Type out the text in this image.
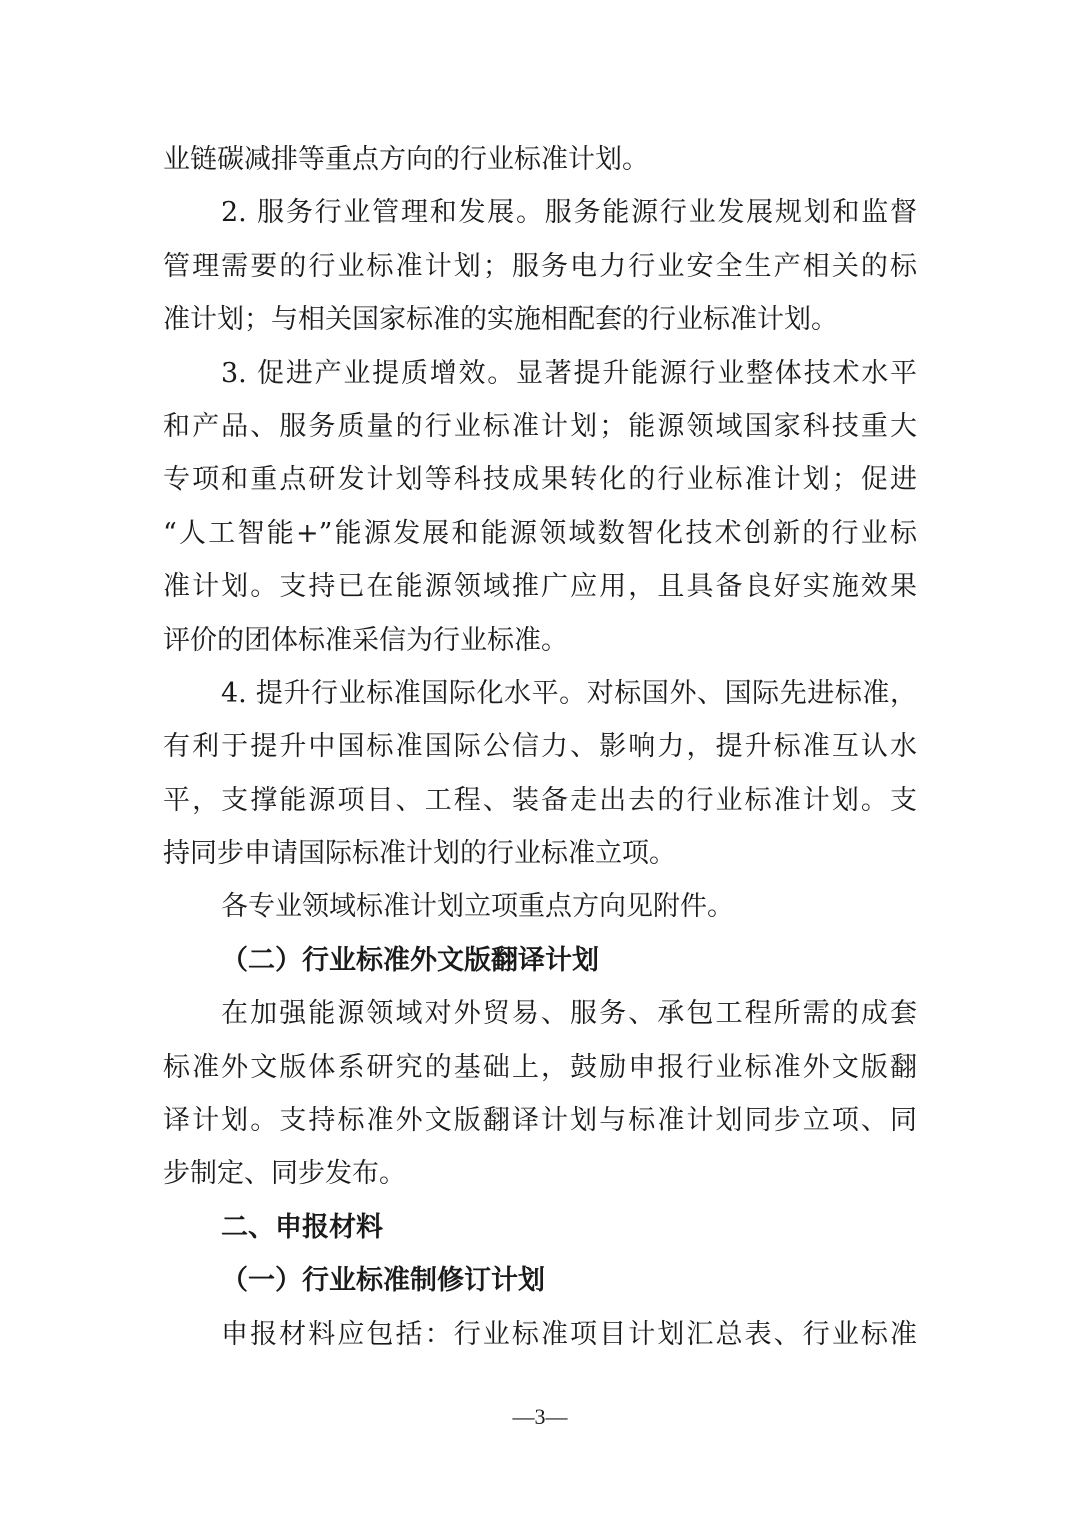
业链碳减排等重点方向的行业标准计划。
2. 服务行业管理和发展。服务能源行业发展规划和监督
管理需要的行业标准计划；服务电力行业安全生产相关的标
准计划；与相关国家标准的实施相配套的行业标准计划。
3. 促进产业提质增效。显著提升能源行业整体技术水平
和产品、服务质量的行业标准计划；能源领域国家科技重大
专项和重点研发计划等科技成果转化的行业标准计划；促进
“人工智能+”能源发展和能源领域数智化技术创新的行业标
准计划。支持已在能源领域推广应用，且具备良好实施效果
评价的团体标准采信为行业标准。
4. 提升行业标准国际化水平。对标国外、国际先进标准，
有利于提升中国标准国际公信力、影响力，提升标准互认水
平，支撑能源项目、工程、装备走出去的行业标准计划。支
持同步申请国际标准计划的行业标准立项。
各专业领域标准计划立项重点方向见附件。
（二）行业标准外文版翻译计划
在加强能源领域对外贸易、服务、承包工程所需的成套
标准外文版体系研究的基础上，鼓励申报行业标准外文版翻
译计划。支持标准外文版翻译计划与标准计划同步立项、同
步制定、同步发布。
二、申报材料
（一）行业标准制修订计划
申报材料应包括：行业标准项目计划汇总表、行业标准
—3—
